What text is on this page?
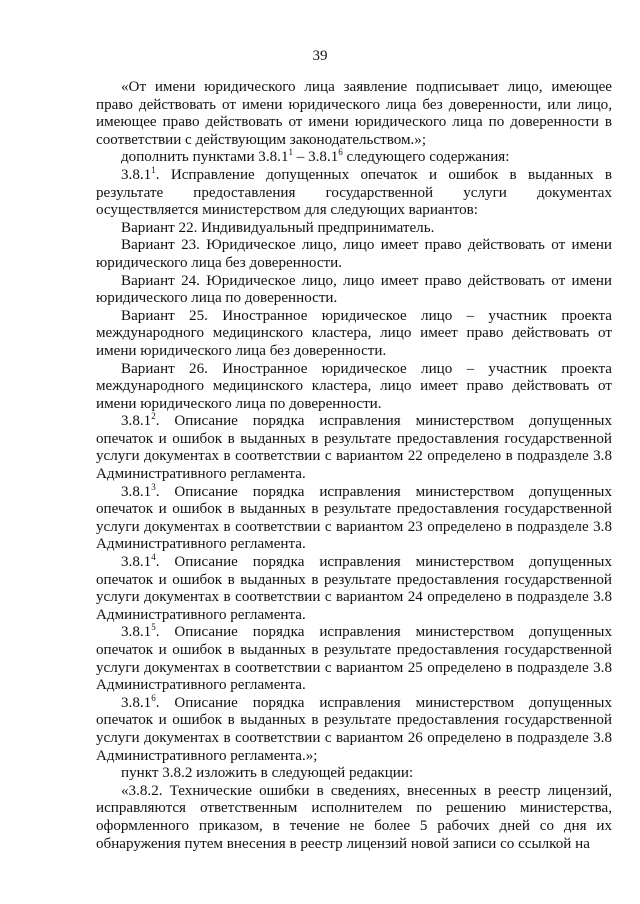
39

«От имени юридического лица заявление подписывает лицо, имеющее право действовать от имени юридического лица без доверенности, или лицо, имеющее право действовать от имени юридического лица по доверенности в соответствии с действующим законодательством.»;

дополнить пунктами 3.8.1$^1$ – 3.8.1$^6$ следующего содержания:

3.8.1$^1$. Исправление допущенных опечаток и ошибок в выданных в результате предоставления государственной услуги документах осуществляется министерством для следующих вариантов:

Вариант 22. Индивидуальный предприниматель.

Вариант 23. Юридическое лицо, лицо имеет право действовать от имени юридического лица без доверенности.

Вариант 24. Юридическое лицо, лицо имеет право действовать от имени юридического лица по доверенности.

Вариант 25. Иностранное юридическое лицо – участник проекта международного медицинского кластера, лицо имеет право действовать от имени юридического лица без доверенности.

Вариант 26. Иностранное юридическое лицо – участник проекта международного медицинского кластера, лицо имеет право действовать от имени юридического лица по доверенности.

3.8.1$^2$. Описание порядка исправления министерством допущенных опечаток и ошибок в выданных в результате предоставления государственной услуги документах в соответствии с вариантом 22 определено в подразделе 3.8 Административного регламента.

3.8.1$^3$. Описание порядка исправления министерством допущенных опечаток и ошибок в выданных в результате предоставления государственной услуги документах в соответствии с вариантом 23 определено в подразделе 3.8 Административного регламента.

3.8.1$^4$. Описание порядка исправления министерством допущенных опечаток и ошибок в выданных в результате предоставления государственной услуги документах в соответствии с вариантом 24 определено в подразделе 3.8 Административного регламента.

3.8.1$^5$. Описание порядка исправления министерством допущенных опечаток и ошибок в выданных в результате предоставления государственной услуги документах в соответствии с вариантом 25 определено в подразделе 3.8 Административного регламента.

3.8.1$^6$. Описание порядка исправления министерством допущенных опечаток и ошибок в выданных в результате предоставления государственной услуги документах в соответствии с вариантом 26 определено в подразделе 3.8 Административного регламента.»;

пункт 3.8.2 изложить в следующей редакции:

«3.8.2. Технические ошибки в сведениях, внесенных в реестр лицензий, исправляются ответственным исполнителем по решению министерства, оформленного приказом, в течение не более 5 рабочих дней со дня их обнаружения путем внесения в реестр лицензий новой записи со ссылкой на
